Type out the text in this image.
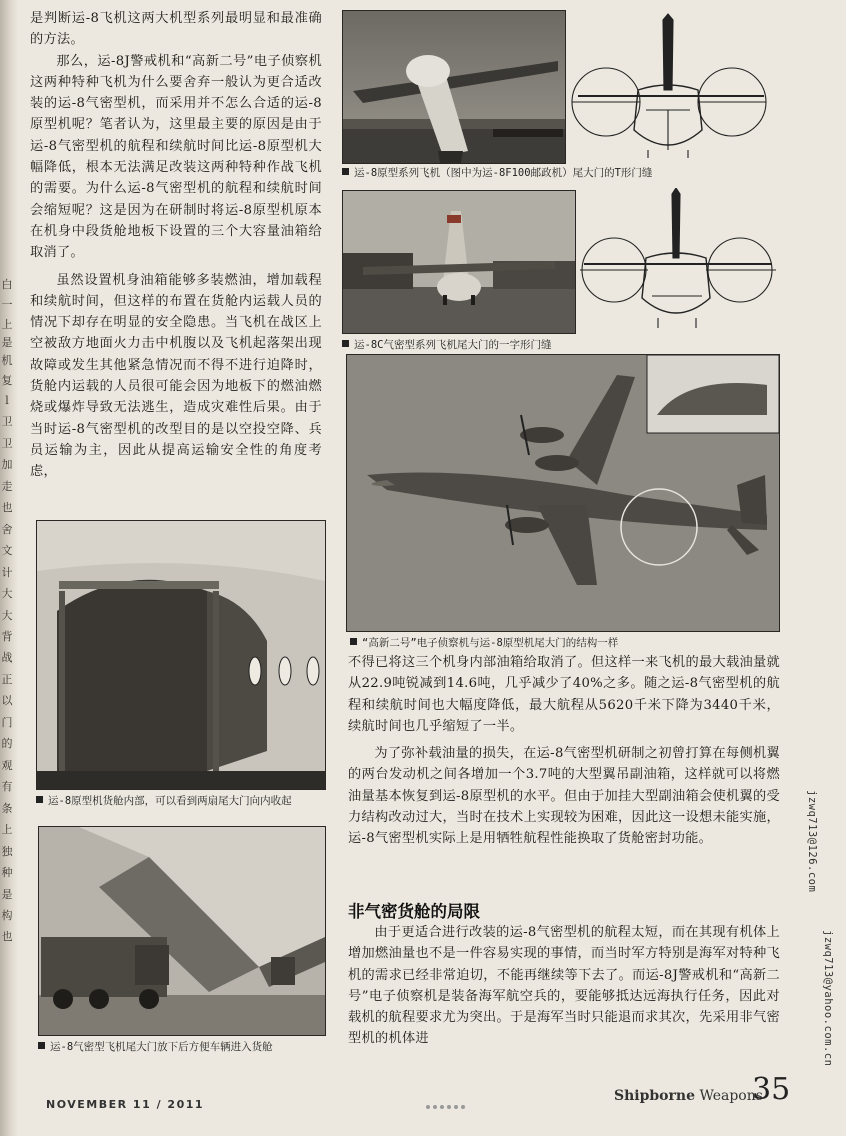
白
一
上
是
机
复
l
卫
卫
加
走
也
舍
文
计
大
大
背
战
正
以
门
的
观
有
条
上
独
种
是
构
也

是判断运-8飞机这两大机型系列最明显和最准确的方法。

那么，运-8J警戒机和“高新二号”电子侦察机这两种特种飞机为什么要舍弃一般认为更合适改装的运-8气密型机，而采用并不怎么合适的运-8原型机呢？笔者认为，这里最主要的原因是由于运-8气密型机的航程和续航时间比运-8原型机大幅降低，根本无法满足改装这两种特种作战飞机的需要。为什么运-8气密型机的航程和续航时间会缩短呢？这是因为在研制时将运-8原型机原本在机身中段货舱地板下设置的三个大容量油箱给取消了。

虽然设置机身油箱能够多装燃油，增加载程和续航时间，但这样的布置在货舱内运载人员的情况下却存在明显的安全隐患。当飞机在战区上空被敌方地面火力击中机腹以及飞机起落架出现故障或发生其他紧急情况而不得不进行迫降时，货舱内运载的人员很可能会因为地板下的燃油燃烧或爆炸导致无法逃生，造成灾难性后果。由于当时运-8气密型机的改型目的是以空投空降、兵员运输为主，因此从提高运输安全性的角度考虑，

运-8原型系列飞机（图中为运-8F100邮政机）尾大门的T形门缝
运-8C气密型系列飞机尾大门的一字形门缝
“高新二号”电子侦察机与运-8原型机尾大门的结构一样

不得已将这三个机身内部油箱给取消了。但这样一来飞机的最大载油量就从22.9吨锐减到14.6吨，几乎减少了40%之多。随之运-8气密型机的航程和续航时间也大幅度降低，最大航程从5620千米下降为3440千米，续航时间也几乎缩短了一半。

为了弥补载油量的损失，在运-8气密型机研制之初曾打算在每侧机翼的两台发动机之间各增加一个3.7吨的大型翼吊副油箱，这样就可以将燃油量基本恢复到运-8原型机的水平。但由于加挂大型副油箱会使机翼的受力结构改动过大，当时在技术上实现较为困难，因此这一设想未能实施，运-8气密型机实际上是用牺牲航程性能换取了货舱密封功能。

非气密货舱的局限

由于更适合进行改装的运-8气密型机的航程太短，而在其现有机体上增加燃油量也不是一件容易实现的事情，而当时军方特别是海军对特种飞机的需求已经非常迫切，不能再继续等下去了。而运-8J警戒机和“高新二号”电子侦察机是装备海军航空兵的，要能够抵达远海执行任务，因此对载机的航程要求尤为突出。于是海军当时只能退而求其次，先采用非气密型机的机体进

运-8原型机货舱内部，可以看到两扇尾大门向内收起
运-8气密型飞机尾大门放下后方便车辆进入货舱
jzwq713@126.com
jzwq713@yahoo.com.cn
NOVEMBER 11 / 2011
Shipborne Weapons
35
